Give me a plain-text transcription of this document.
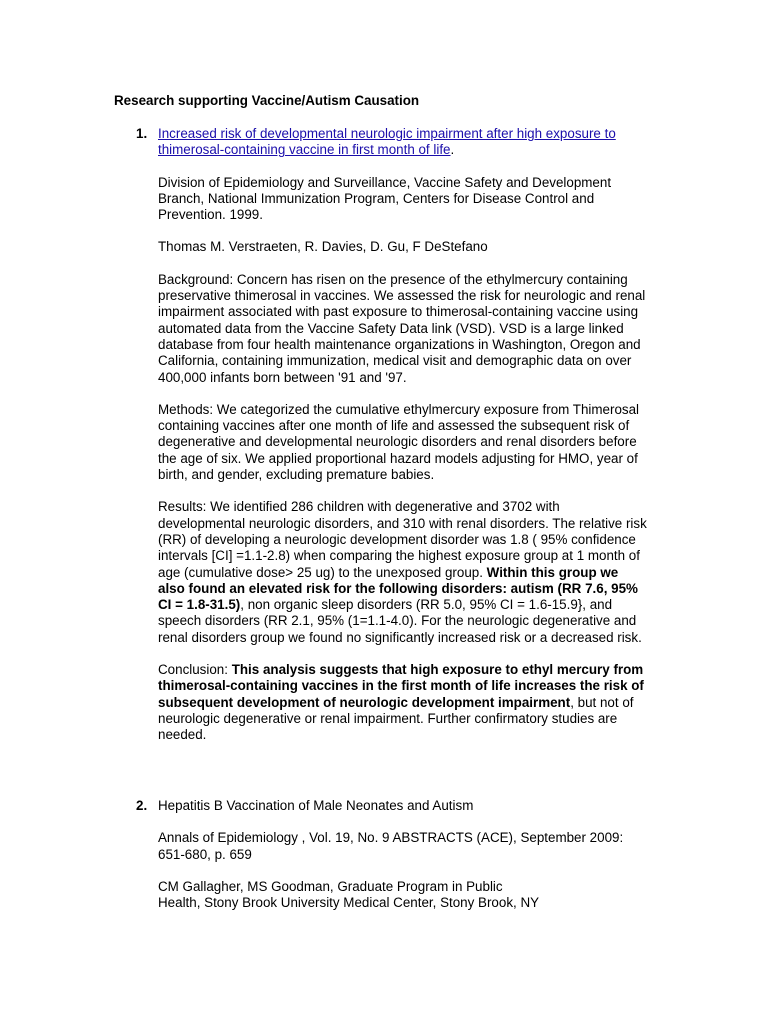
Research supporting Vaccine/Autism Causation
1. Increased risk of developmental neurologic impairment after high exposure to thimerosal-containing vaccine in first month of life.

Division of Epidemiology and Surveillance, Vaccine Safety and Development Branch, National Immunization Program, Centers for Disease Control and Prevention. 1999.

Thomas M. Verstraeten, R. Davies, D. Gu, F DeStefano

Background: Concern has risen on the presence of the ethylmercury containing preservative thimerosal in vaccines. We assessed the risk for neurologic and renal impairment associated with past exposure to thimerosal-containing vaccine using automated data from the Vaccine Safety Data link (VSD). VSD is a large linked database from four health maintenance organizations in Washington, Oregon and California, containing immunization, medical visit and demographic data on over 400,000 infants born between '91 and '97.

Methods: We categorized the cumulative ethylmercury exposure from Thimerosal containing vaccines after one month of life and assessed the subsequent risk of degenerative and developmental neurologic disorders and renal disorders before the age of six. We applied proportional hazard models adjusting for HMO, year of birth, and gender, excluding premature babies.

Results: We identified 286 children with degenerative and 3702 with developmental neurologic disorders, and 310 with renal disorders. The relative risk (RR) of developing a neurologic development disorder was 1.8 ( 95% confidence intervals [CI] =1.1-2.8) when comparing the highest exposure group at 1 month of age (cumulative dose> 25 ug) to the unexposed group. Within this group we also found an elevated risk for the following disorders: autism (RR 7.6, 95% CI = 1.8-31.5), non organic sleep disorders (RR 5.0, 95% CI = 1.6-15.9}, and speech disorders (RR 2.1, 95% (1=1.1-4.0). For the neurologic degenerative and renal disorders group we found no significantly increased risk or a decreased risk.

Conclusion: This analysis suggests that high exposure to ethyl mercury from thimerosal-containing vaccines in the first month of life increases the risk of subsequent development of neurologic development impairment, but not of neurologic degenerative or renal impairment. Further confirmatory studies are needed.

2. Hepatitis B Vaccination of Male Neonates and Autism

Annals of Epidemiology , Vol. 19, No. 9 ABSTRACTS (ACE), September 2009: 651-680, p. 659

CM Gallagher, MS Goodman, Graduate Program in Public
Health, Stony Brook University Medical Center, Stony Brook, NY
